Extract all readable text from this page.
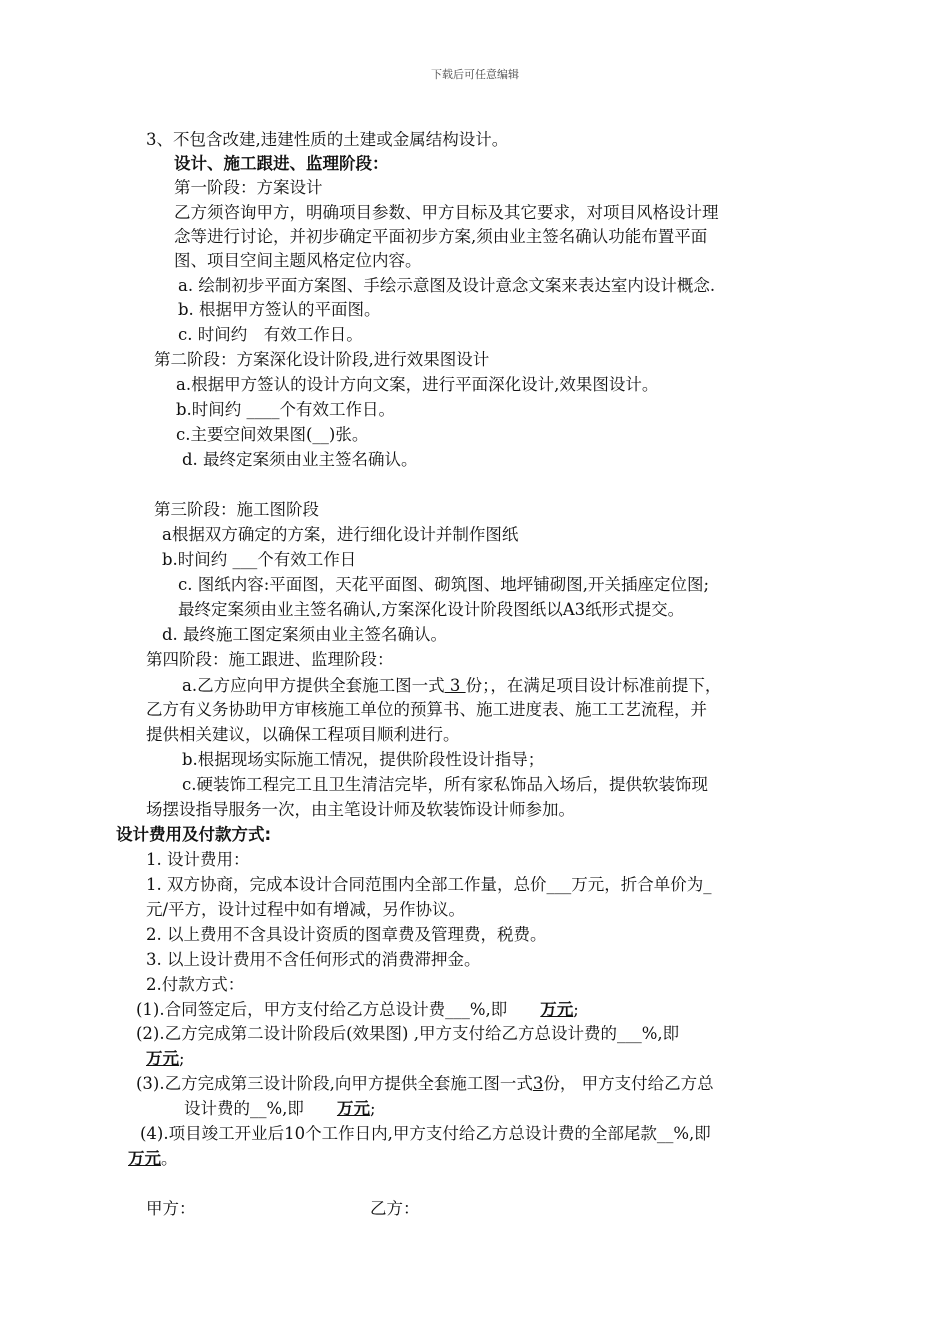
下载后可任意编辑
3、不包含改建,违建性质的土建或金属结构设计。
设计、施工跟进、监理阶段：
第一阶段：方案设计
乙方须咨询甲方，明确项目参数、甲方目标及其它要求，对项目风格设计理
念等进行讨论，并初步确定平面初步方案,须由业主签名确认功能布置平面
图、项目空间主题风格定位内容。
a. 绘制初步平面方案图、手绘示意图及设计意念文案来表达室内设计概念.
b. 根据甲方签认的平面图。
c. 时间约　有效工作日。
第二阶段：方案深化设计阶段,进行效果图设计
a.根据甲方签认的设计方向文案，进行平面深化设计,效果图设计。
b.时间约 ____个有效工作日。
c.主要空间效果图(__)张。
d. 最终定案须由业主签名确认。
第三阶段：施工图阶段
a根据双方确定的方案，进行细化设计并制作图纸
b.时间约 ___个有效工作日
c. 图纸内容:平面图，天花平面图、砌筑图、地坪铺砌图,开关插座定位图;
最终定案须由业主签名确认,方案深化设计阶段图纸以A3纸形式提交。
d. 最终施工图定案须由业主签名确认。
第四阶段：施工跟进、监理阶段：
a.乙方应向甲方提供全套施工图一式 3 份；，在满足项目设计标准前提下，
乙方有义务协助甲方审核施工单位的预算书、施工进度表、施工工艺流程，并
提供相关建议，以确保工程项目顺利进行。
b.根据现场实际施工情况，提供阶段性设计指导；
c.硬装饰工程完工且卫生清洁完毕，所有家私饰品入场后，提供软装饰现
场摆设指导服务一次，由主笔设计师及软装饰设计师参加。
设计费用及付款方式:
1. 设计费用：
1. 双方协商，完成本设计合同范围内全部工作量，总价___万元，折合单价为_
元/平方，设计过程中如有增减，另作协议。
2. 以上费用不含具设计资质的图章费及管理费，税费。
3. 以上设计费用不含任何形式的消费滞押金。
2.付款方式：
(1).合同签定后，甲方支付给乙方总设计费___%,即　　万元;
(2).乙方完成第二设计阶段后(效果图) ,甲方支付给乙方总设计费的___%,即
万元;
(3).乙方完成第三设计阶段,向甲方提供全套施工图一式3份， 甲方支付给乙方总
设计费的__%,即　　万元;
(4).项目竣工开业后10个工作日内,甲方支付给乙方总设计费的全部尾款__%,即
万元。
甲方：	乙方：
